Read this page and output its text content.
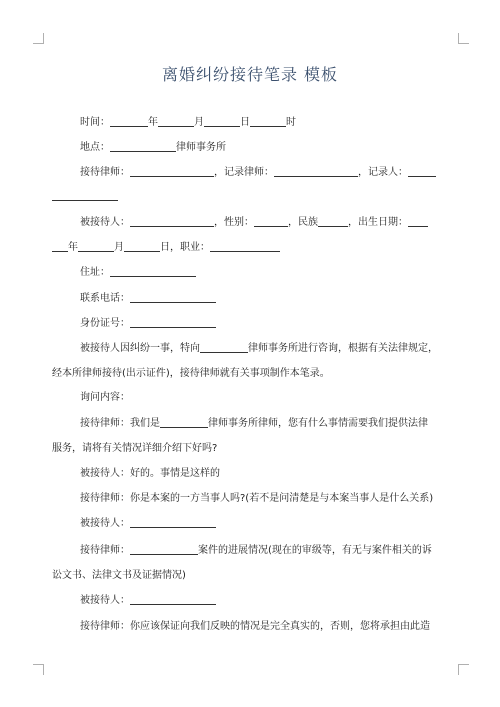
离婚纠纷接待笔录 模板
时间：	年	月	日	时
地点：	律师事务所
接待律师：	，记录律师：	，记录人：
被接待人：	，性别：	，民族	，出生日期：
年	月	日，职业：
住址：
联系电话：
身份证号：
被接待人因纠纷一事，特向	律师事务所进行咨询，根据有关法律规定，
经本所律师接待(出示证件)，接待律师就有关事项制作本笔录。
询问内容：
接待律师：我们是	律师事务所律师，您有什么事情需要我们提供法律
服务，请将有关情况详细介绍下好吗?
被接待人：好的。事情是这样的
接待律师：你是本案的一方当事人吗?(若不是问清楚是与本案当事人是什么关系)
被接待人：
接待律师：	案件的进展情况(现在的审级等，有无与案件相关的诉
讼文书、法律文书及证据情况)
被接待人：
接待律师：你应该保证向我们反映的情况是完全真实的，否则，您将承担由此造
